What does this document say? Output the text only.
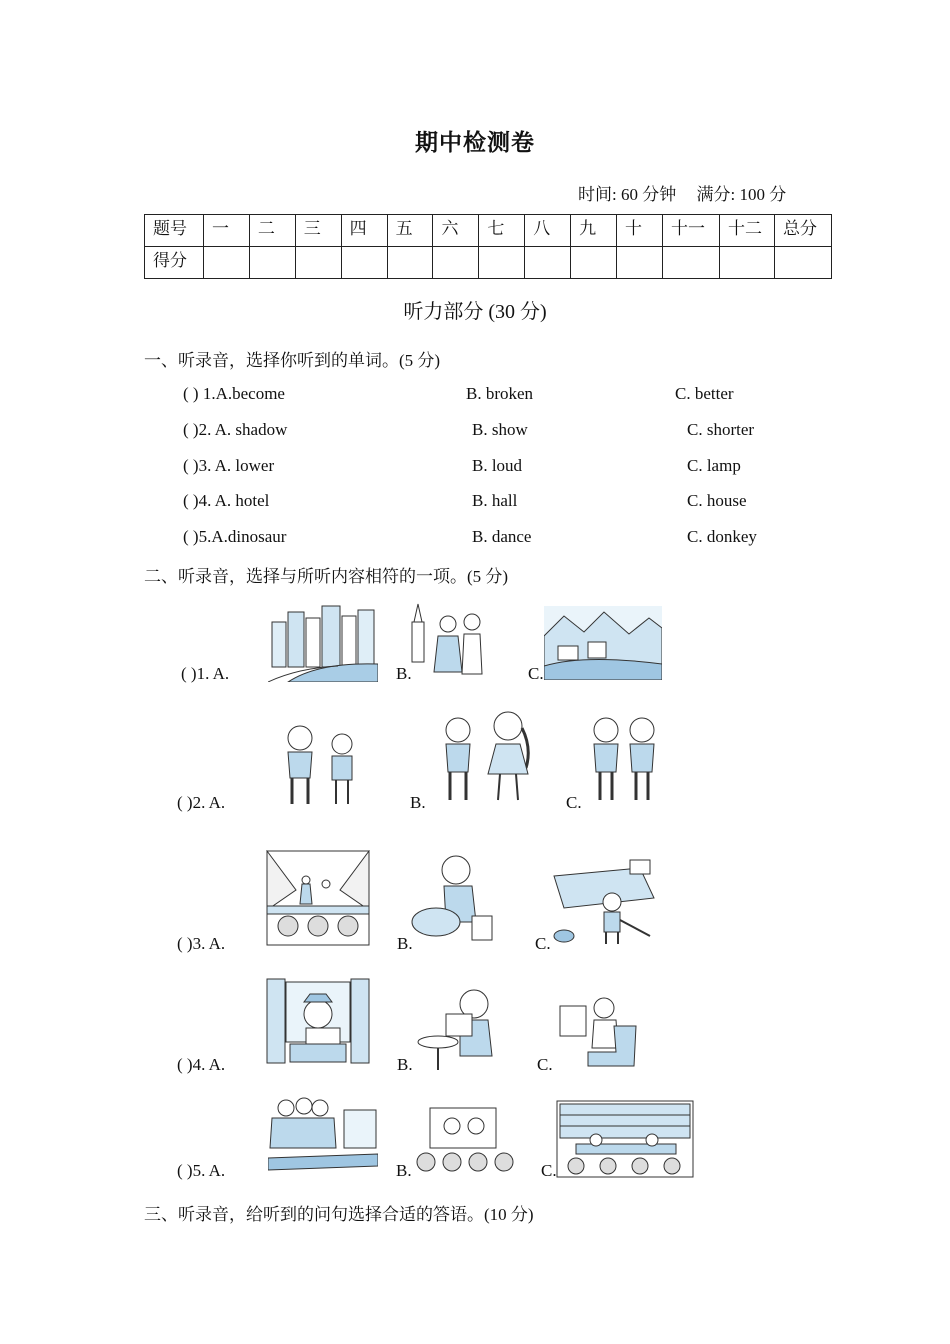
期中检测卷
时间: 60 分钟 满分: 100 分
题号	一	二	三	四	五	六	七	八	九	十	十一	十二	总分
得分													
听力部分 (30 分)
一、听录音，选择你听到的单词。(5 分)
( ) 1.A.become	B. broken	C. better
( )2. A. shadow	B. show	C. shorter
( )3. A. lower	B. loud	C. lamp
( )4. A. hotel	B. hall	C. house
( )5.A.dinosaur	B. dance	C. donkey
二、听录音，选择与所听内容相符的一项。(5 分)
( )1. A.	B.	C.
( )2. A.	B.	C.
( )3. A.	B.	C.
( )4. A.	B.	C.
( )5. A.	B.	C.
三、听录音，给听到的问句选择合适的答语。(10 分)
